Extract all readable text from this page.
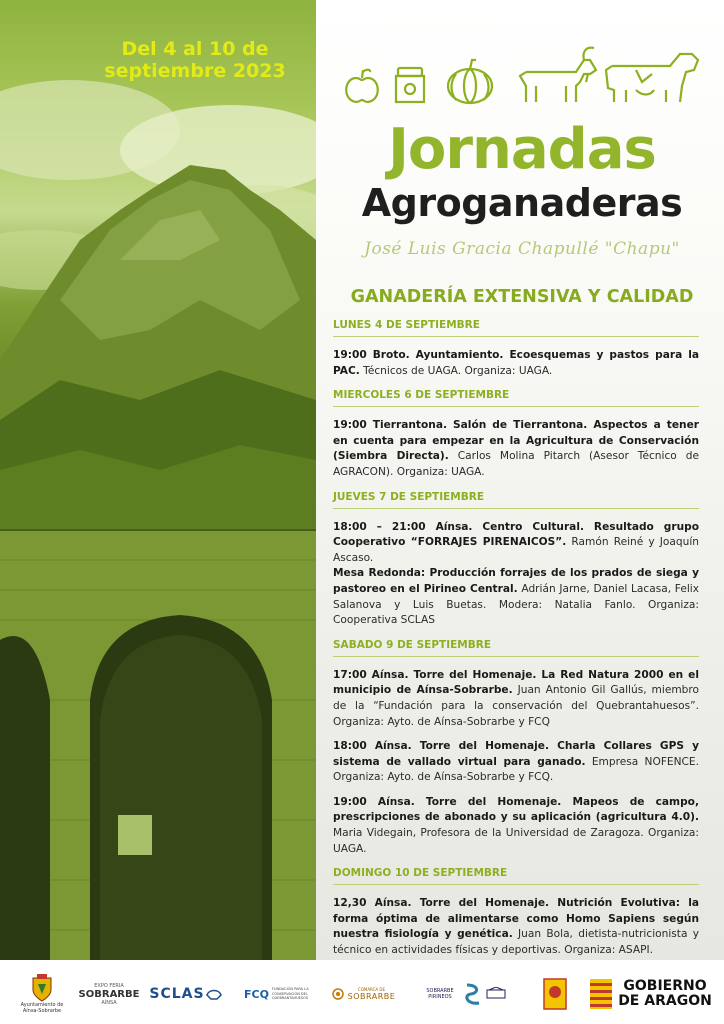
Del 4 al 10 de
septiembre 2023
Jornadas
Agroganaderas
José Luis Gracia Chapullé "Chapu"
GANADERÍA EXTENSIVA Y CALIDAD
LUNES 4 DE SEPTIEMBRE
19:00 Broto. Ayuntamiento. Ecoesquemas y pastos para la PAC. Técnicos de UAGA. Organiza: UAGA.
MIERCOLES 6 DE SEPTIEMBRE
19:00 Tierrantona. Salón de Tierrantona. Aspectos a tener en cuenta para empezar en la Agricultura de Conservación (Siembra Directa). Carlos Molina Pitarch (Asesor Técnico de AGRACON). Organiza: UAGA.
JUEVES 7 DE SEPTIEMBRE
18:00 – 21:00 Aínsa. Centro Cultural. Resultado grupo Cooperativo “FORRAJES PIRENAICOS”. Ramón Reiné y Joaquín Ascaso.
Mesa Redonda: Producción forrajes de los prados de siega y pastoreo en el Pirineo Central. Adrián Jarne, Daniel Lacasa, Felix Salanova y Luis Buetas. Modera: Natalia Fanlo. Organiza: Cooperativa SCLAS
SABADO 9 DE SEPTIEMBRE
17:00 Aínsa. Torre del Homenaje. La Red Natura 2000 en el municipio de Aínsa-Sobrarbe. Juan Antonio Gil Gallús, miembro de la “Fundación para la conservación del Quebrantahuesos”. Organiza: Ayto. de Aínsa-Sobrarbe y FCQ
18:00 Aínsa. Torre del Homenaje. Charla Collares GPS y sistema de vallado virtual para ganado. Empresa NOFENCE. Organiza: Ayto. de Aínsa-Sobrarbe y FCQ.
19:00 Aínsa. Torre del Homenaje. Mapeos de campo, prescripciones de abonado y su aplicación (agricultura 4.0). Maria Videgain, Profesora de la Universidad de Zaragoza. Organiza: UAGA.
DOMINGO 10 DE SEPTIEMBRE
12,30 Aínsa. Torre del Homenaje. Nutrición Evolutiva: la forma óptima de alimentarse como Homo Sapiens según nuestra fisiología y genética. Juan Bola, dietista-nutricionista y técnico en actividades físicas y deportivas. Organiza: ASAPI.
Ayuntamiento de Aínsa-Sobrarbe
EXPO FERIA
SOBRARBE
AÍNSA
SCLAS	FCQ FUNDACIÓN PARA LA CONSERVACIÓN DEL QUEBRANTAHUESOS
COMARCA DE
SOBRARBE
SOBRARBE PIRINEOS
GOBIERNO
DE ARAGON
